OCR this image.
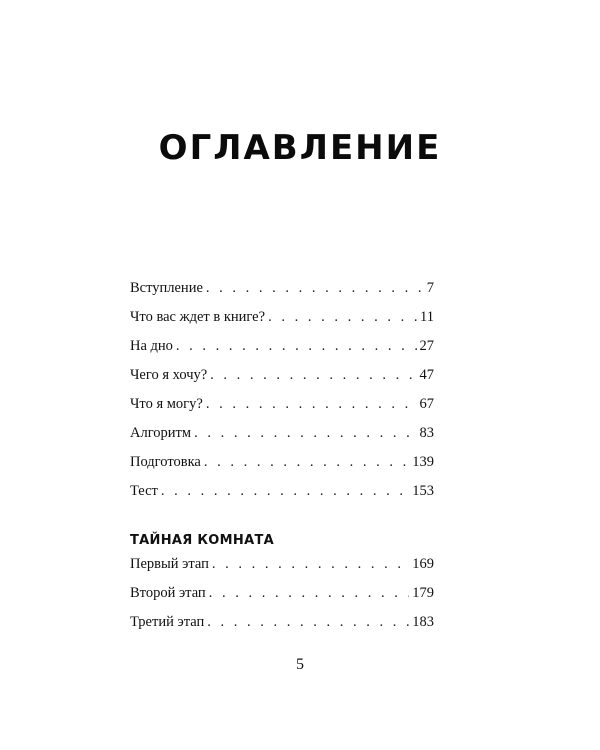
ОГЛАВЛЕНИЕ
Вступление . . .	7
Что вас ждет в книге? . . .	11
На дно . . .	27
Чего я хочу? . . .	47
Что я могу? . . .	67
Алгоритм . . .	83
Подготовка . . .	139
Тест . . .	153
ТАЙНАЯ КОМНАТА
Первый этап . . .	169
Второй этап . . .	179
Третий этап . . .	183
5
